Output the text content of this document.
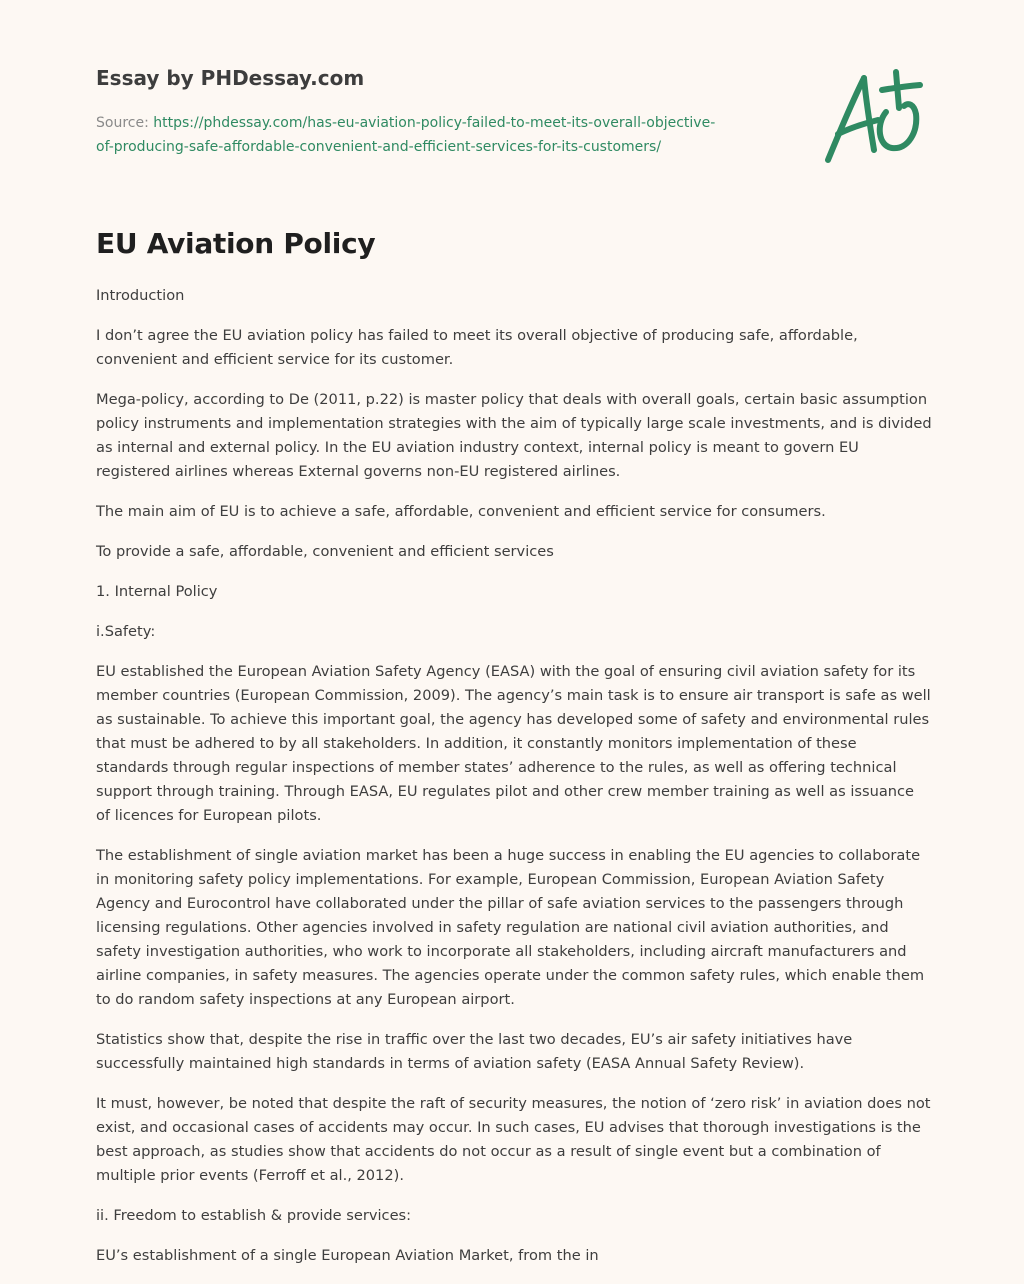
Essay by PHDessay.com
Source: https://phdessay.com/has-eu-aviation-policy-failed-to-meet-its-overall-objective-
of-producing-safe-affordable-convenient-and-efficient-services-for-its-customers/
EU Aviation Policy

Introduction

I don’t agree the EU aviation policy has failed to meet its overall objective of producing safe, affordable, convenient and efficient service for its customer.

Mega-policy, according to De (2011, p.22) is master policy that deals with overall goals, certain basic assumption policy instruments and implementation strategies with the aim of typically large scale investments, and is divided as internal and external policy. In the EU aviation industry context, internal policy is meant to govern EU registered airlines whereas External governs non-EU registered airlines.

The main aim of EU is to achieve a safe, affordable, convenient and efficient service for consumers.

To provide a safe, affordable, convenient and efficient services

1. Internal Policy

i.Safety:

EU established the European Aviation Safety Agency (EASA) with the goal of ensuring civil aviation safety for its member countries (European Commission, 2009). The agency’s main task is to ensure air transport is safe as well as sustainable. To achieve this important goal, the agency has developed some of safety and environmental rules that must be adhered to by all stakeholders. In addition, it constantly monitors implementation of these standards through regular inspections of member states’ adherence to the rules, as well as offering technical support through training. Through EASA, EU regulates pilot and other crew member training as well as issuance of licences for European pilots.

The establishment of single aviation market has been a huge success in enabling the EU agencies to collaborate in monitoring safety policy implementations. For example, European Commission, European Aviation Safety Agency and Eurocontrol have collaborated under the pillar of safe aviation services to the passengers through licensing regulations. Other agencies involved in safety regulation are national civil aviation authorities, and safety investigation authorities, who work to incorporate all stakeholders, including aircraft manufacturers and airline companies, in safety measures. The agencies operate under the common safety rules, which enable them to do random safety inspections at any European airport.

Statistics show that, despite the rise in traffic over the last two decades, EU’s air safety initiatives have successfully maintained high standards in terms of aviation safety (EASA Annual Safety Review).

It must, however, be noted that despite the raft of security measures, the notion of ‘zero risk’ in aviation does not exist, and occasional cases of accidents may occur. In such cases, EU advises that thorough investigations is the best approach, as studies show that accidents do not occur as a result of single event but a combination of multiple prior events (Ferroff et al., 2012).

ii. Freedom to establish & provide services:

EU’s establishment of a single European Aviation Market, from the in
